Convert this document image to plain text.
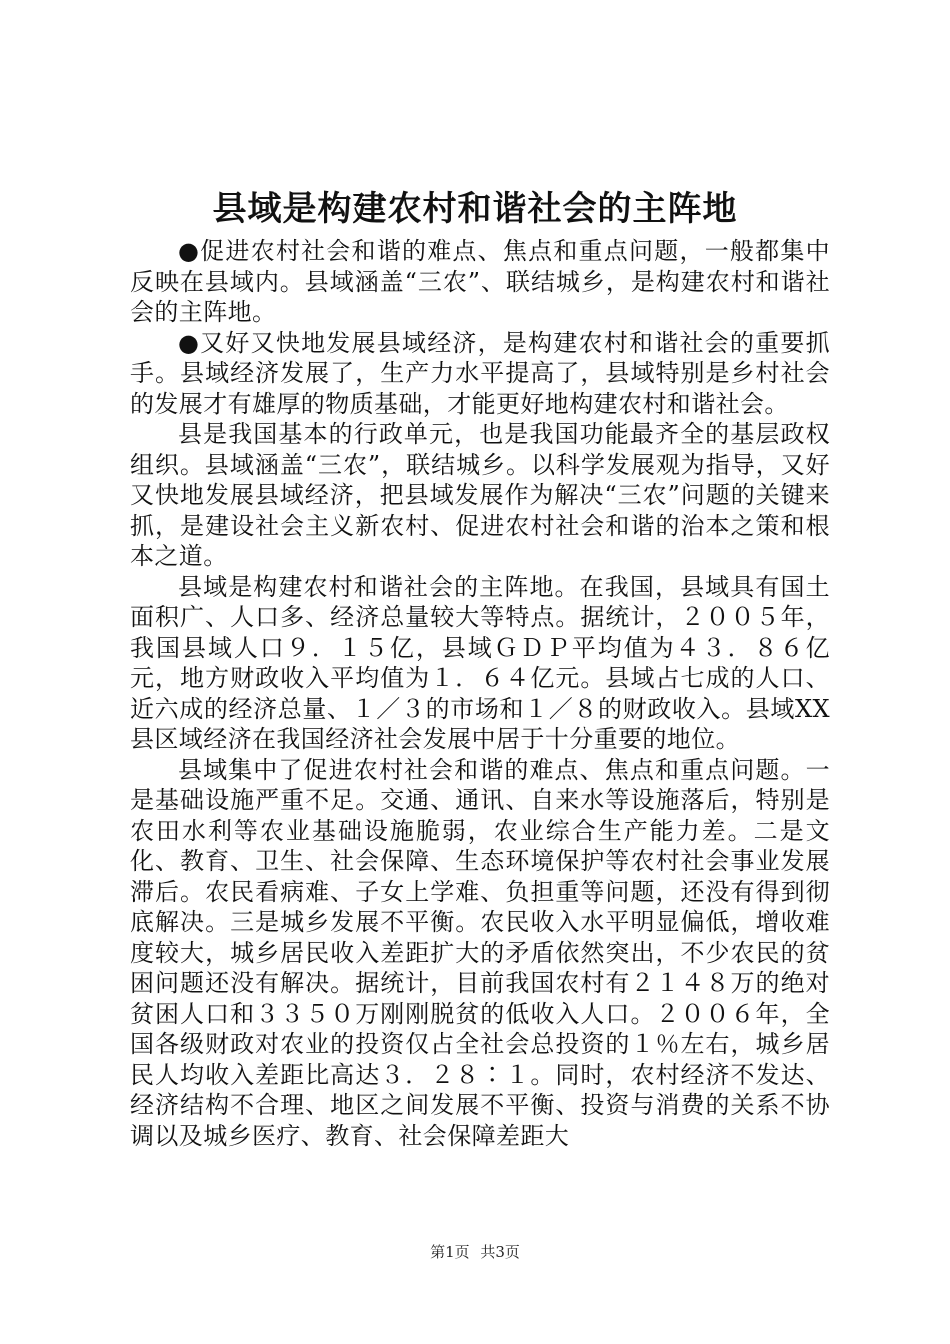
县域是构建农村和谐社会的主阵地

●促进农村社会和谐的难点、焦点和重点问题，一般都集中反映在县域内。县域涵盖“三农”、联结城乡，是构建农村和谐社会的主阵地。

●又好又快地发展县域经济，是构建农村和谐社会的重要抓手。县域经济发展了，生产力水平提高了，县域特别是乡村社会的发展才有雄厚的物质基础，才能更好地构建农村和谐社会。

县是我国基本的行政单元，也是我国功能最齐全的基层政权组织。县域涵盖“三农”，联结城乡。以科学发展观为指导，又好又快地发展县域经济，把县域发展作为解决“三农”问题的关键来抓，是建设社会主义新农村、促进农村社会和谐的治本之策和根本之道。

县域是构建农村和谐社会的主阵地。在我国，县域具有国土面积广、人口多、经济总量较大等特点。据统计，２００５年，我国县域人口９．１５亿，县域ＧＤＰ平均值为４３．８６亿元，地方财政收入平均值为１．６４亿元。县域占七成的人口、近六成的经济总量、１／３的市场和１／８的财政收入。县域XX县区域经济在我国经济社会发展中居于十分重要的地位。

县域集中了促进农村社会和谐的难点、焦点和重点问题。一是基础设施严重不足。交通、通讯、自来水等设施落后，特别是农田水利等农业基础设施脆弱，农业综合生产能力差。二是文化、教育、卫生、社会保障、生态环境保护等农村社会事业发展滞后。农民看病难、子女上学难、负担重等问题，还没有得到彻底解决。三是城乡发展不平衡。农民收入水平明显偏低，增收难度较大，城乡居民收入差距扩大的矛盾依然突出，不少农民的贫困问题还没有解决。据统计，目前我国农村有２１４８万的绝对贫困人口和３３５０万刚刚脱贫的低收入人口。２００６年，全国各级财政对农业的投资仅占全社会总投资的１％左右，城乡居民人均收入差距比高达３．２８∶１。同时，农村经济不发达、经济结构不合理、地区之间发展不平衡、投资与消费的关系不协调以及城乡医疗、教育、社会保障差距大

第1页 共3页
